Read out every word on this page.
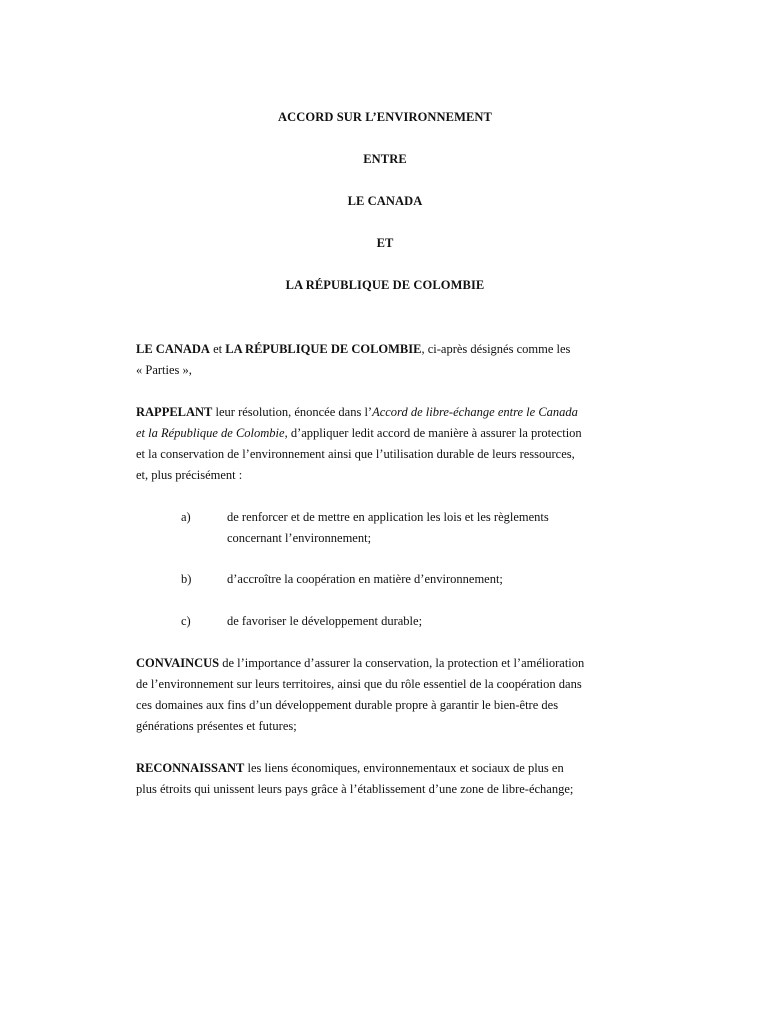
ACCORD SUR L’ENVIRONNEMENT
ENTRE
LE CANADA
ET
LA RÉPUBLIQUE DE COLOMBIE
LE CANADA et LA RÉPUBLIQUE DE COLOMBIE, ci-après désignés comme les
« Parties »,
RAPPELANT leur résolution, énoncée dans l’Accord de libre-échange entre le Canada
et la République de Colombie, d’appliquer ledit accord de manière à assurer la protection
et la conservation de l’environnement ainsi que l’utilisation durable de leurs ressources,
et, plus précisément :
a)	de renforcer et de mettre en application les lois et les règlements
concernant l’environnement;
b)	d’accroître la coopération en matière d’environnement;
c)	de favoriser le développement durable;
CONVAINCUS de l’importance d’assurer la conservation, la protection et l’amélioration
de l’environnement sur leurs territoires, ainsi que du rôle essentiel de la coopération dans
ces domaines aux fins d’un développement durable propre à garantir le bien-être des
générations présentes et futures;
RECONNAISSANT les liens économiques, environnementaux et sociaux de plus en
plus étroits qui unissent leurs pays grâce à l’établissement d’une zone de libre-échange;
